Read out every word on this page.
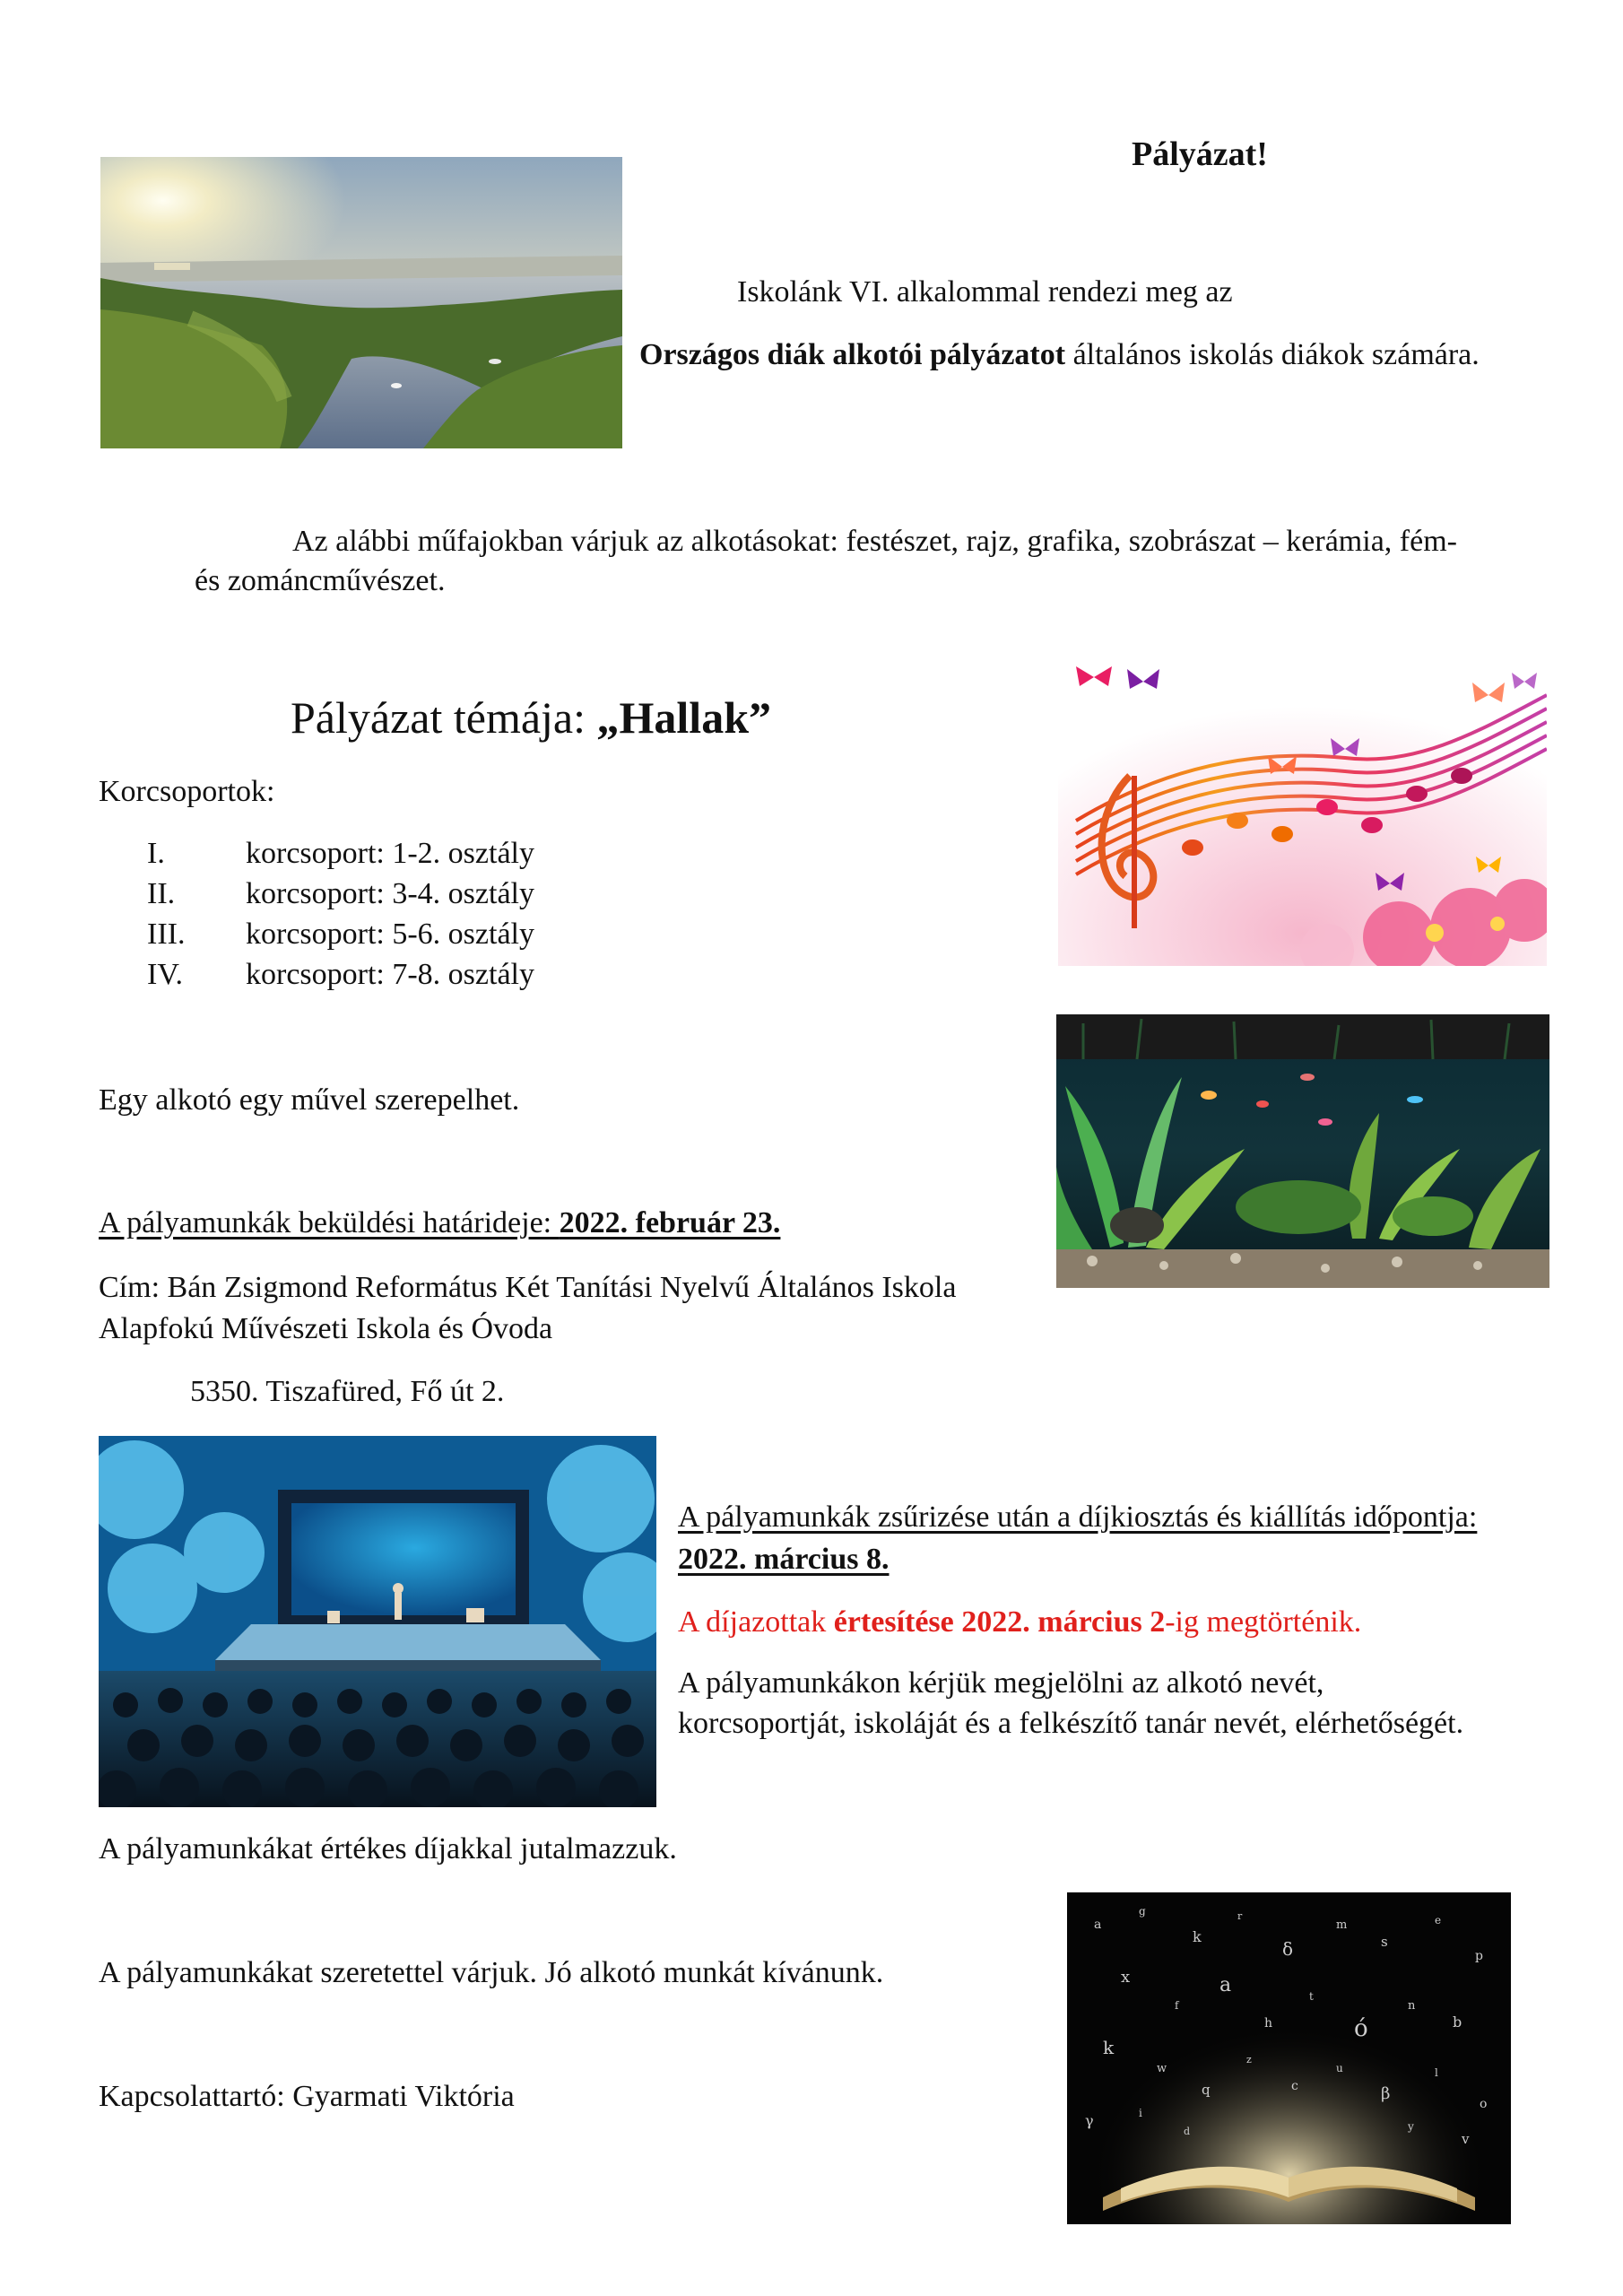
Pályázat!
Iskolánk VI. alkalommal rendezi meg az
Országos diák alkotói pályázatot általános iskolás diákok számára.
Az alábbi műfajokban várjuk az alkotásokat: festészet, rajz, grafika, szobrászat – kerámia, fém-
és zománcművészet.
Pályázat témája: „Hallak”
Korcsoportok:
I.	korcsoport: 1-2. osztály
II. korcsoport: 3-4. osztály
III. korcsoport: 5-6. osztály
IV. korcsoport: 7-8. osztály
Egy alkotó egy művel szerepelhet.
A pályamunkák beküldési határideje: 2022. február 23.
Cím: Bán Zsigmond Református Két Tanítási Nyelvű Általános Iskola
Alapfokú Művészeti Iskola és Óvoda
5350. Tiszafüred, Fő út 2.
A pályamunkák zsűrizése után a díjkiosztás és kiállítás időpontja:
2022. március 8.
A díjazottak értesítése 2022. március 2-ig megtörténik.
A pályamunkákon kérjük megjelölni az alkotó nevét,
korcsoportját, iskoláját és a felkészítő tanár nevét, elérhetőségét.
A pályamunkákat értékes díjakkal jutalmazzuk.
a
g
k
r
δ
m
s
e
p
x
f
a
h
t
ó
n
b
k
w
q
z
c
u
β
l
o
γ	i
d	y
v
A pályamunkákat szeretettel várjuk. Jó alkotó munkát kívánunk.
Kapcsolattartó: Gyarmati Viktória
